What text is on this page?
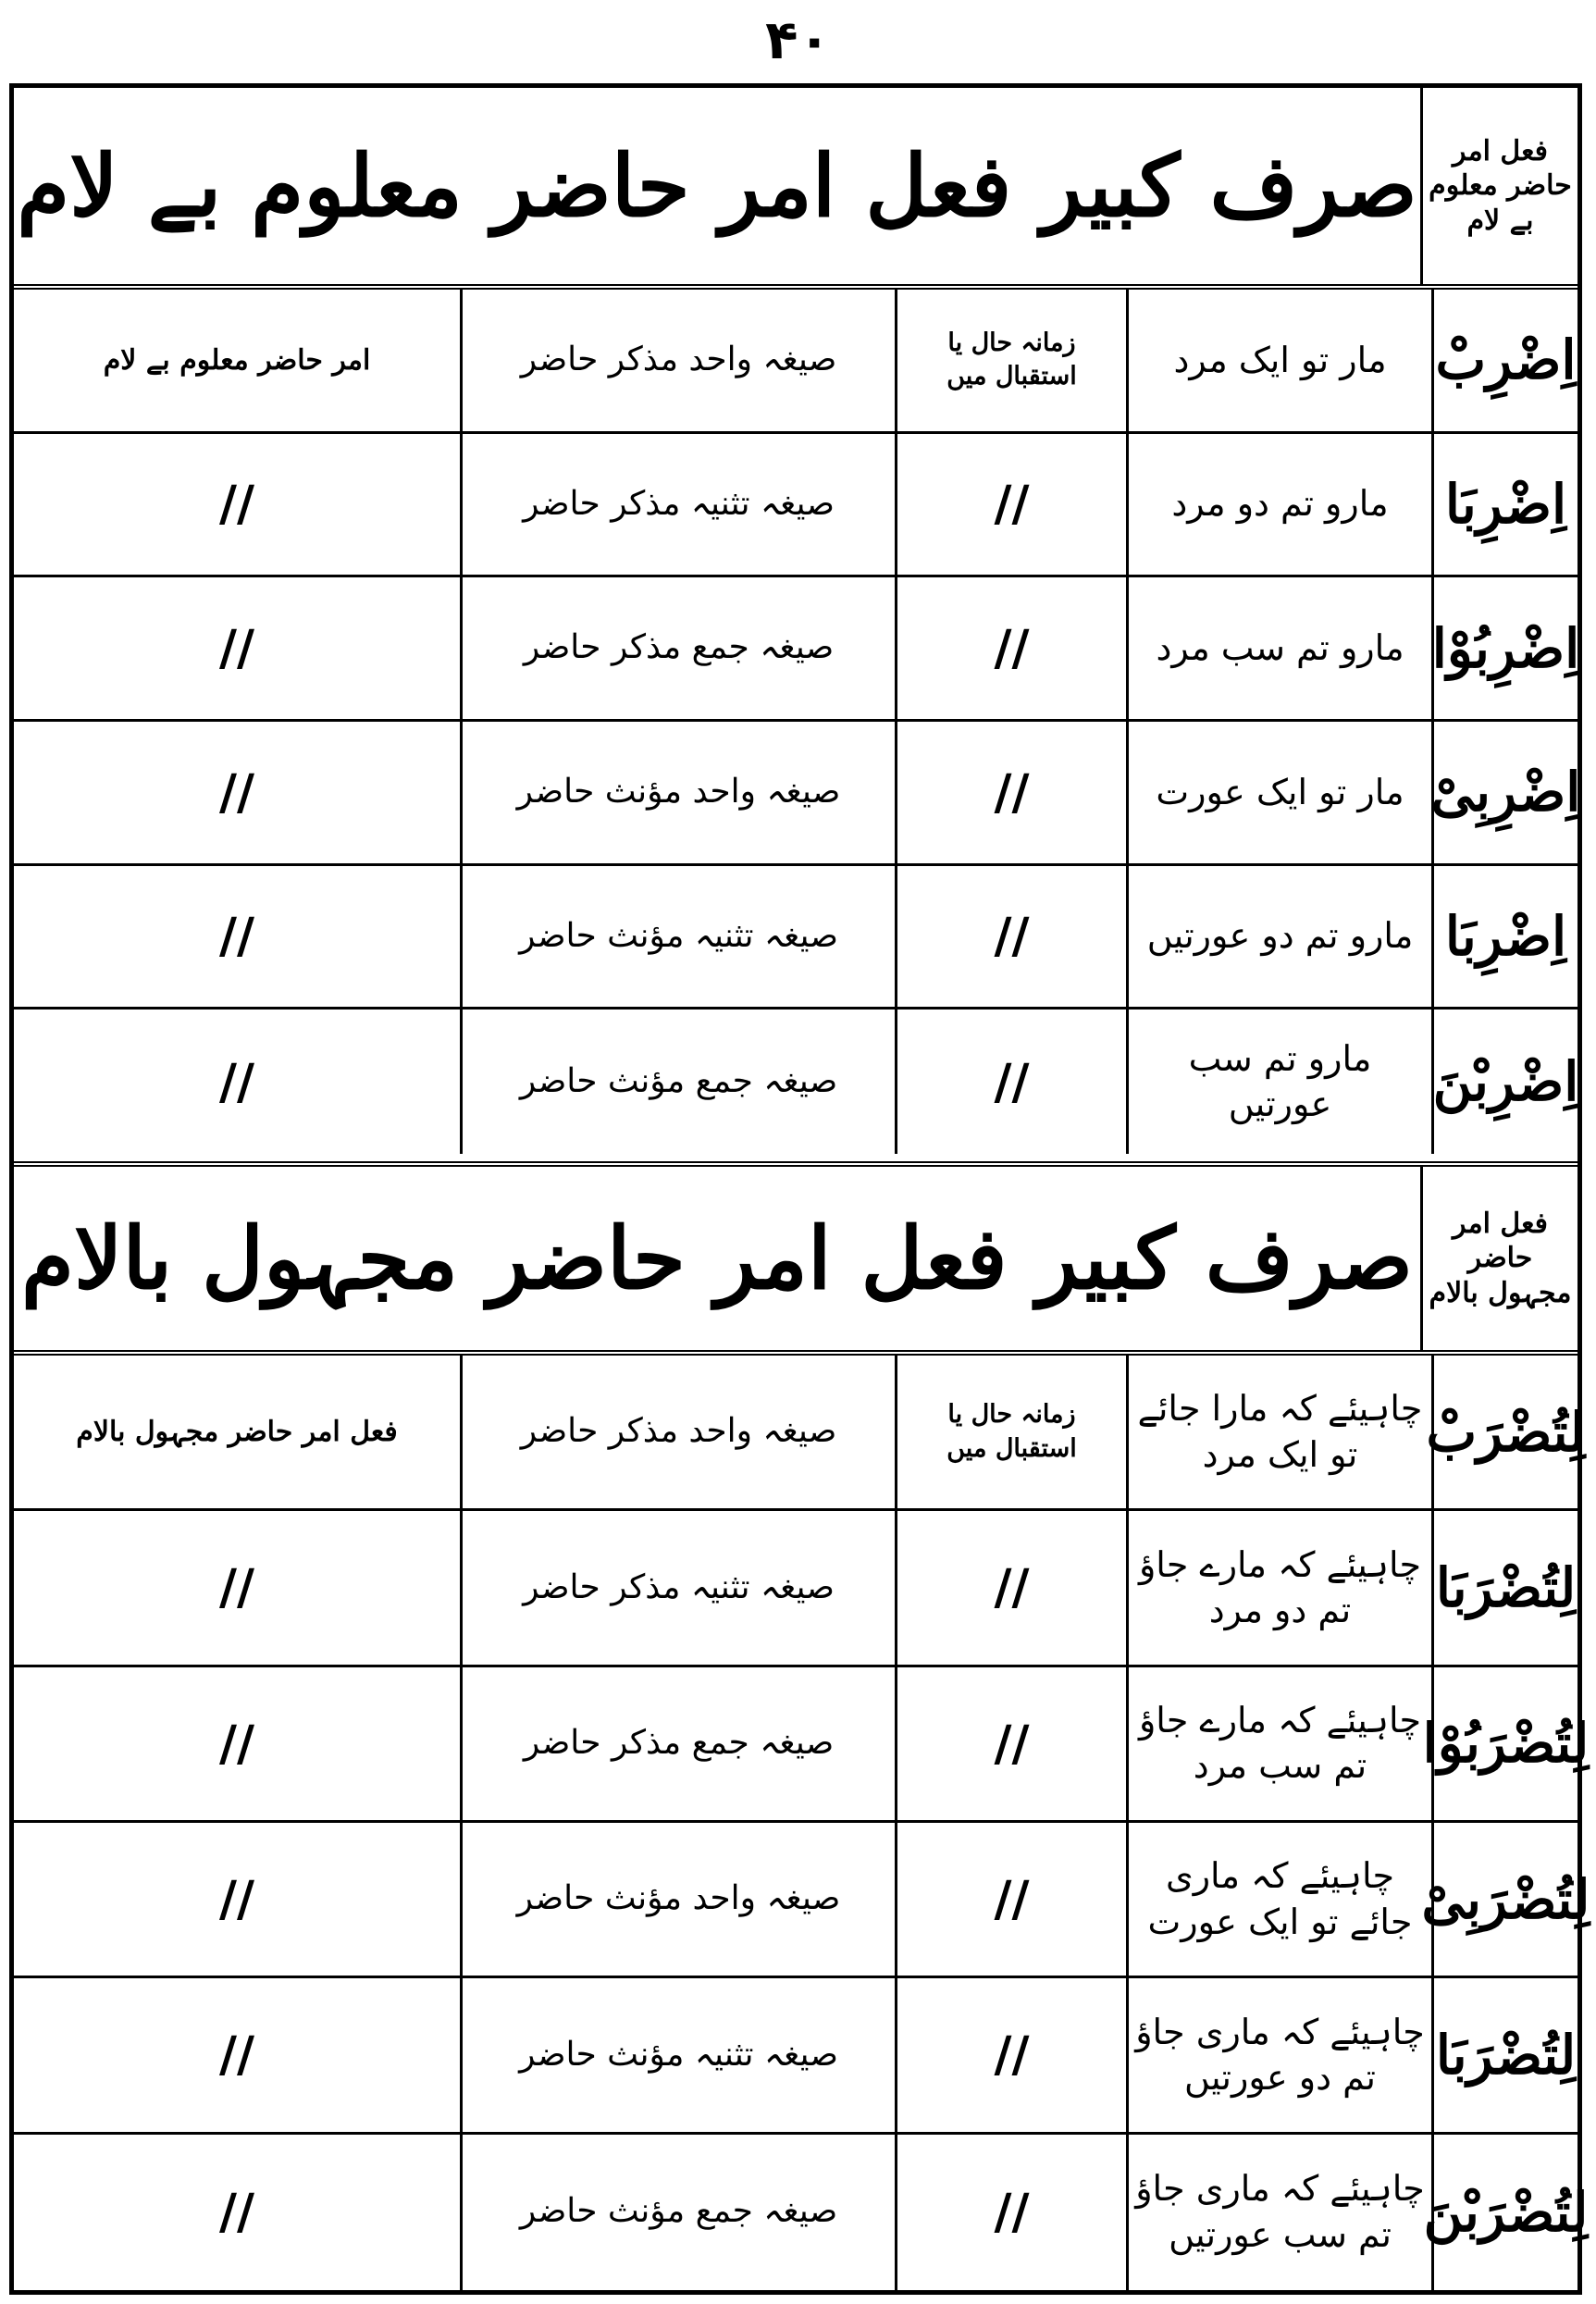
۴۰
فعل امر حاضر معلوم بے لام
صرف کبیر فعل امر حاضر معلوم بے لام
اِضْرِبْ
مار تو ایک مرد
زمانہ حال یا استقبال میں
صیغہ واحد مذکر حاضر
امر حاضر معلوم بے لام
اِضْرِبَا
مارو تم دو مرد
//
صیغہ تثنیہ مذکر حاضر
//
اِضْرِبُوْا
مارو تم سب مرد
//
صیغہ جمع مذکر حاضر
//
اِضْرِبِیْ
مار تو ایک عورت
//
صیغہ واحد مؤنث حاضر
//
اِضْرِبَا
مارو تم دو عورتیں
//
صیغہ تثنیہ مؤنث حاضر
//
اِضْرِبْنَ
مارو تم سب عورتیں
//
صیغہ جمع مؤنث حاضر
//
فعل امر حاضر مجہول بالام
صرف کبیر فعل امر حاضر مجہول بالام
لِتُضْرَبْ
چاہیئے کہ مارا جائے تو ایک مرد
زمانہ حال یا استقبال میں
صیغہ واحد مذکر حاضر
فعل امر حاضر مجہول بالام
لِتُضْرَبَا
چاہیئے کہ مارے جاؤ تم دو مرد
//
صیغہ تثنیہ مذکر حاضر
//
لِتُضْرَبُوْا
چاہیئے کہ مارے جاؤ تم سب مرد
//
صیغہ جمع مذکر حاضر
//
لِتُضْرَبِیْ
چاہیئے کہ ماری جائے تو ایک عورت
//
صیغہ واحد مؤنث حاضر
//
لِتُضْرَبَا
چاہیئے کہ ماری جاؤ تم دو عورتیں
//
صیغہ تثنیہ مؤنث حاضر
//
لِتُضْرَبْنَ
چاہیئے کہ ماری جاؤ تم سب عورتیں
//
صیغہ جمع مؤنث حاضر
//
